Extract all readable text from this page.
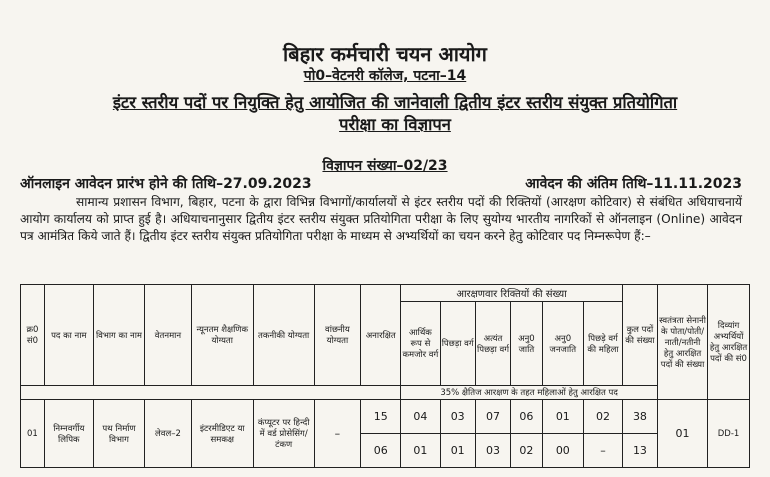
बिहार कर्मचारी चयन आयोग
पो0–वेटनरी कॉलेज, पटना–14
इंटर स्तरीय पदों पर नियुक्ति हेतु आयोजित की जानेवाली द्वितीय इंटर स्तरीय संयुक्त प्रतियोगिता परीक्षा का विज्ञापन
विज्ञापन संख्या–02/23
ऑनलाइन आवेदन प्रारंभ होने की तिथि–27.09.2023	आवेदन की अंतिम तिथि–11.11.2023
सामान्य प्रशासन विभाग, बिहार, पटना के द्वारा विभिन्न विभागों/कार्यालयों से इंटर स्तरीय पदों की रिक्तियों (आरक्षण कोटिवार) से संबंधित अधियाचनायें आयोग कार्यालय को प्राप्त हुई है। अधियाचनानुसार द्वितीय इंटर स्तरीय संयुक्त प्रतियोगिता परीक्षा के लिए सुयोग्य भारतीय नागरिकों से ऑनलाइन (Online) आवेदन पत्र आमंत्रित किये जाते हैं। द्वितीय इंटर स्तरीय संयुक्त प्रतियोगिता परीक्षा के माध्यम से अभ्यर्थियों का चयन करने हेतु कोटिवार पद निम्नरूपेण हैं:–
क्र0 सं0	पद का नाम	विभाग का नाम	वेतनमान	न्यूनतम शैक्षणिक योग्यता	तकनीकी योग्यता	वांछनीय योग्यता	अनारक्षित	आरक्षणवार रिक्तियों की संख्या						कुल पदों की संख्या	स्वतंत्रता सेनानी के पोता/पोती/नाती/नतीनी हेतु आरक्षित पदों की संख्या	दिव्यांग अभ्यर्थियों हेतु आरक्षित पदों की सं0
								आर्थिक रूप से कमजोर वर्ग	पिछड़ा वर्ग	अत्यंत पिछड़ा वर्ग	अनु0 जाति	अनु0 जनजाति	पिछड़े वर्ग की महिला			
								35% क्षैतिज आरक्षण के तहत महिलाओं हेतु आरक्षित पद								
01	निम्नवर्गीय लिपिक	पथ निर्माण विभाग	लेवल–2	इंटरमीडिएट या समकक्ष	कंप्यूटर पर हिन्दी में वर्ड प्रोसेसिंग/टंकण	–	15	04	03	07	06	01	02	38	01	DD-1
							06	01	01	03	02	00	–	13		
